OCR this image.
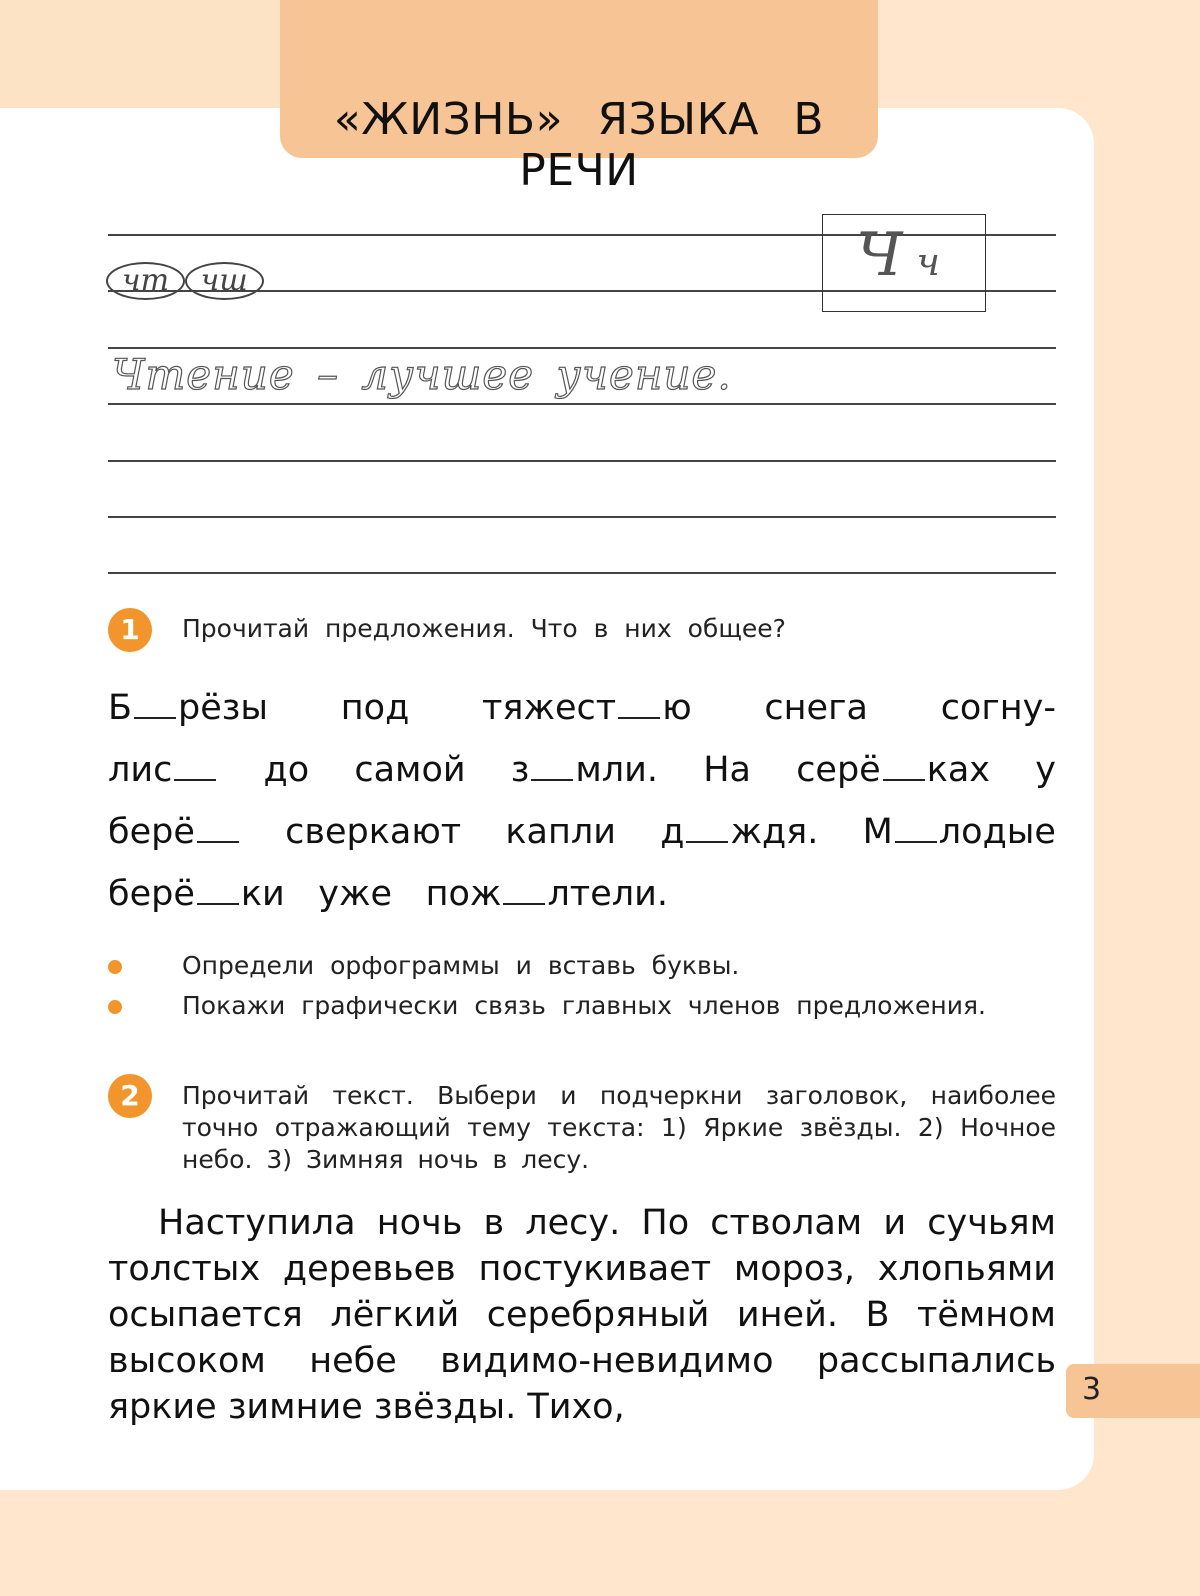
«ЖИЗНЬ» ЯЗЫКА В РЕЧИ
чт чш	Чч
Чтение – лучшее учение.
1	Прочитай предложения. Что в них общее?
Б рёзы под тяжест ю снега согну-
лис	до самой з мли. На серё ках у
берё	сверкают капли д ждя. М лодые
берё ки уже пож лтели.
Определи орфограммы и вставь буквы.
Покажи графически связь главных членов предложения.
2	Прочитай текст. Выбери и подчеркни заголовок, наиболее точно отражающий тему текста: 1) Яркие звёзды. 2) Ночное небо. 3) Зимняя ночь в лесу.
Наступила ночь в лесу. По стволам и сучьям толстых деревьев постукивает мороз, хлопьями осыпается лёгкий серебряный иней. В тёмном высоком небе видимо-невидимо рассыпались яркие зимние звёзды. Тихо,	3
